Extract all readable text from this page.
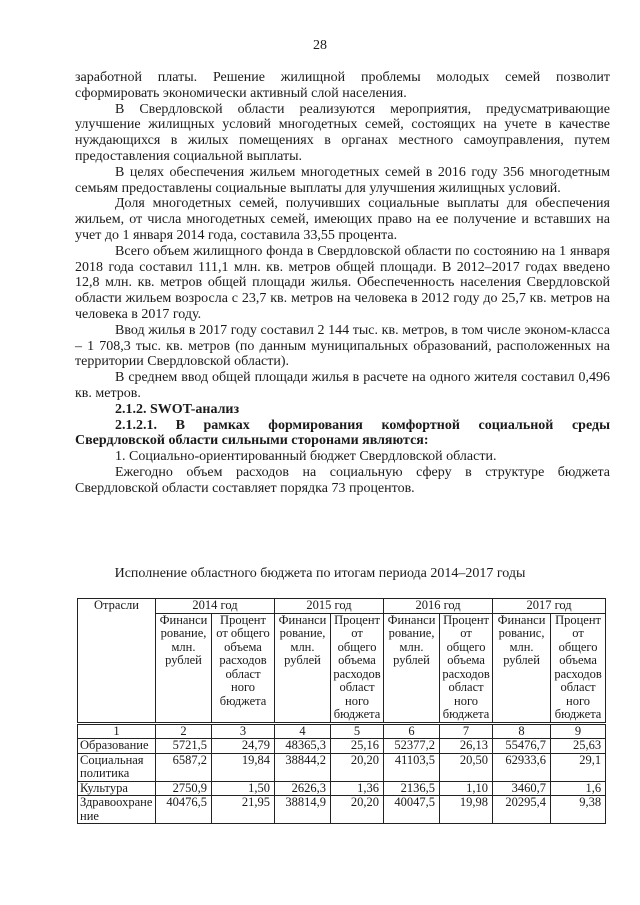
28

заработной платы. Решение жилищной проблемы молодых семей позволит сформировать экономически активный слой населения.

В Свердловской области реализуются мероприятия, предусматривающие улучшение жилищных условий многодетных семей, состоящих на учете в качестве нуждающихся в жилых помещениях в органах местного самоуправления, путем предоставления социальной выплаты.

В целях обеспечения жильем многодетных семей в 2016 году 356 многодетным семьям предоставлены социальные выплаты для улучшения жилищных условий.

Доля многодетных семей, получивших социальные выплаты для обеспечения жильем, от числа многодетных семей, имеющих право на ее получение и вставших на учет до 1 января 2014 года, составила 33,55 процента.

Всего объем жилищного фонда в Свердловской области по состоянию на 1 января 2018 года составил 111,1 млн. кв. метров общей площади. В 2012–2017 годах введено 12,8 млн. кв. метров общей площади жилья. Обеспеченность населения Свердловской области жильем возросла с 23,7 кв. метров на человека в 2012 году до 25,7 кв. метров на человека в 2017 году.

Ввод жилья в 2017 году составил 2 144 тыс. кв. метров, в том числе эконом-класса – 1 708,3 тыс. кв. метров (по данным муниципальных образований, расположенных на территории Свердловской области).

В среднем ввод общей площади жилья в расчете на одного жителя составил 0,496 кв. метров.

2.1.2. SWOT-анализ

2.1.2.1. В рамках формирования комфортной социальной среды Свердловской области сильными сторонами являются:

1. Социально-ориентированный бюджет Свердловской области.

Ежегодно объем расходов на социальную сферу в структуре бюджета Свердловской области составляет порядка 73 процентов.

Исполнение областного бюджета по итогам периода 2014–2017 годы
Отрасли	2014 год		2015 год		2016 год		2017 год	
	Финанси рование, млн. рублей	Процент от общего объема расходов област ного бюджета	Финанси рование, млн. рублей	Процент от общего объема расходов област ного бюджета	Финанси рование, млн. рублей	Процент от общего объема расходов област ного бюджета	Финанси рованис, млн. рублей	Процент от общего объема расходов област ного бюджета
1	2	3	4	5	6	7	8	9
Образование	5721,5	24,79	48365,3	25,16	52377,2	26,13	55476,7	25,63
Социальная политика	6587,2	19,84	38844,2	20,20	41103,5	20,50	62933,6	29,1
Культура	2750,9	1,50	2626,3	1,36	2136,5	1,10	3460,7	1,6
Здравоохране ние	40476,5	21,95	38814,9	20,20	40047,5	19,98	20295,4	9,38
